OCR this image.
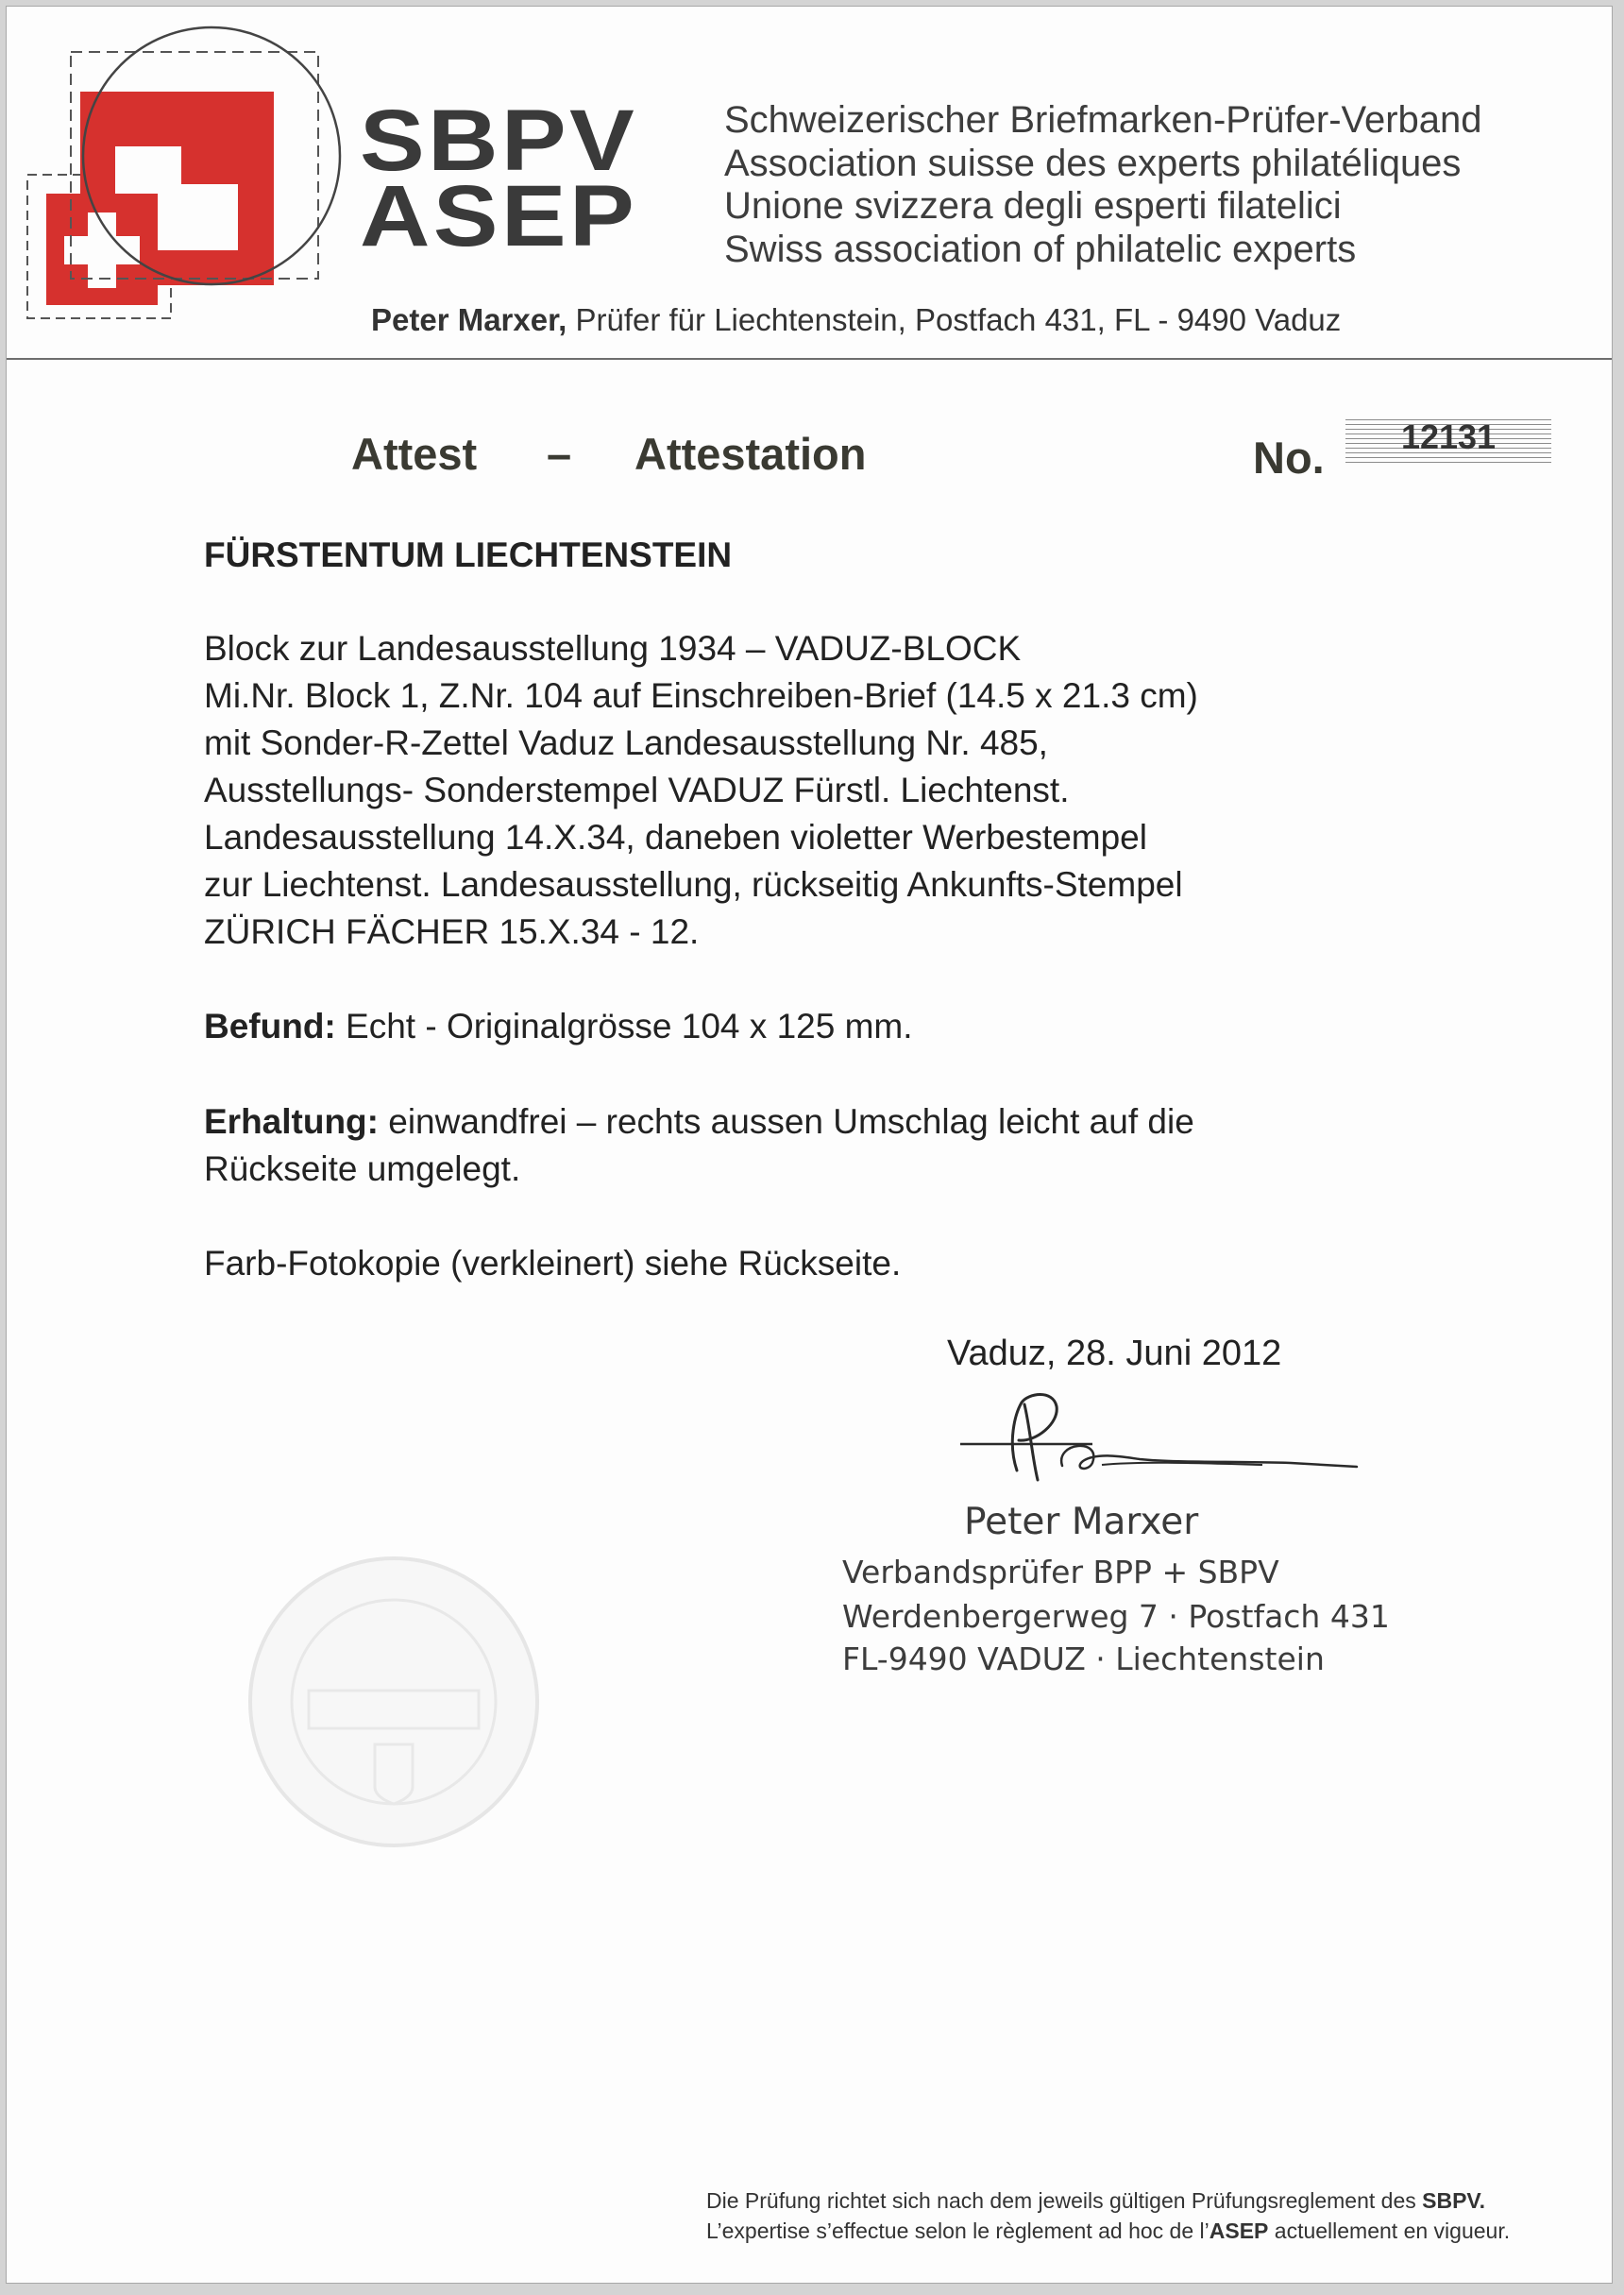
SBPV
ASEP
Schweizerischer Briefmarken-Prüfer-Verband
Association suisse des experts philatéliques
Unione svizzera degli esperti filatelici
Swiss association of philatelic experts
Peter Marxer, Prüfer für Liechtenstein, Postfach 431, FL - 9490 Vaduz
Attest – Attestation	No.	12131
FÜRSTENTUM LIECHTENSTEIN
Block zur Landesausstellung 1934 – VADUZ-BLOCK
Mi.Nr. Block 1, Z.Nr. 104 auf Einschreiben-Brief (14.5 x 21.3 cm)
mit Sonder-R-Zettel Vaduz Landesausstellung Nr. 485,
Ausstellungs- Sonderstempel VADUZ Fürstl. Liechtenst.
Landesausstellung 14.X.34, daneben violetter Werbestempel
zur Liechtenst. Landesausstellung, rückseitig Ankunfts-Stempel
ZÜRICH FÄCHER 15.X.34 - 12.
Befund: Echt - Originalgrösse 104 x 125 mm.
Erhaltung: einwandfrei – rechts aussen Umschlag leicht auf die
Rückseite umgelegt.
Farb-Fotokopie (verkleinert) siehe Rückseite.
Vaduz, 28. Juni 2012
Peter Marxer
Verbandsprüfer BPP + SBPV
Werdenbergerweg 7 · Postfach 431
FL-9490 VADUZ · Liechtenstein
Die Prüfung richtet sich nach dem jeweils gültigen Prüfungsreglement des SBPV.
L’expertise s’effectue selon le règlement ad hoc de l’ASEP actuellement en vigueur.
